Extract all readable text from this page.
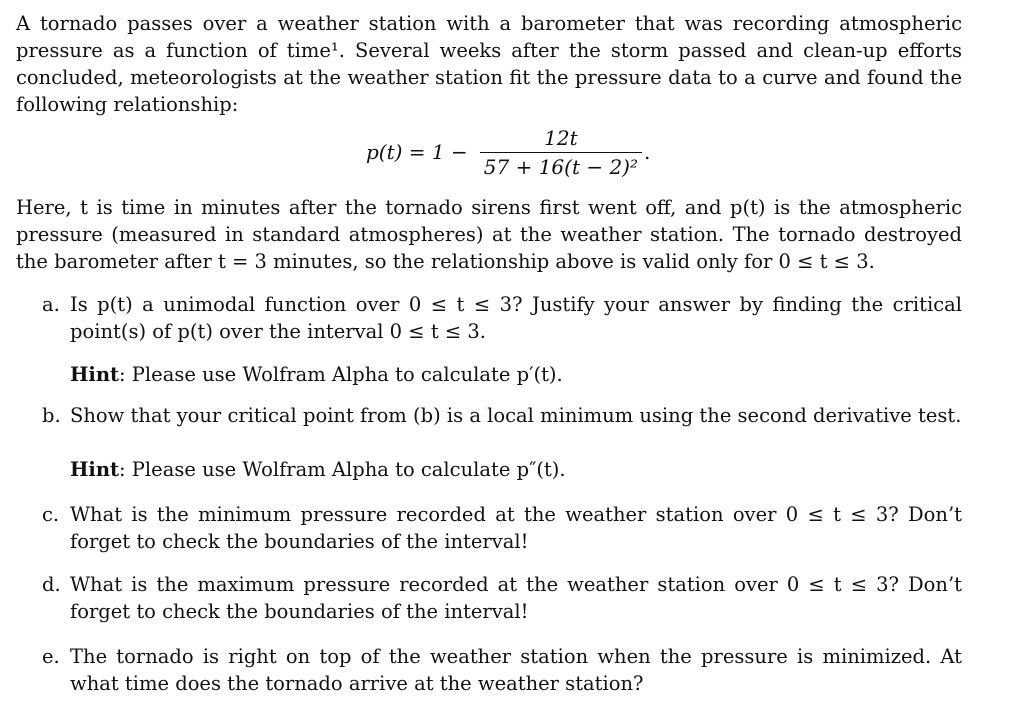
A tornado passes over a weather station with a barometer that was recording atmospheric pressure as a function of time¹. Several weeks after the storm passed and clean-up efforts concluded, meteorologists at the weather station fit the pressure data to a curve and found the following relationship:

$p(t) = 1 - \frac{12t}{\text{57 + 16(t − 2)²}}$ .

Here, t is time in minutes after the tornado sirens first went off, and p(t) is the atmospheric pressure (measured in standard atmospheres) at the weather station. The tornado destroyed the barometer after t = 3 minutes, so the relationship above is valid only for 0 ≤ t ≤ 3.

a. Is p(t) a unimodal function over 0 ≤ t ≤ 3? Justify your answer by finding the critical point(s) of p(t) over the interval 0 ≤ t ≤ 3.

Hint: Please use Wolfram Alpha to calculate p′(t).

b. Show that your critical point from (b) is a local minimum using the second derivative test.

Hint: Please use Wolfram Alpha to calculate p″(t).

c. What is the minimum pressure recorded at the weather station over 0 ≤ t ≤ 3? Don’t forget to check the boundaries of the interval!
d. What is the maximum pressure recorded at the weather station over 0 ≤ t ≤ 3? Don’t forget to check the boundaries of the interval!
e. The tornado is right on top of the weather station when the pressure is minimized. At what time does the tornado arrive at the weather station?
